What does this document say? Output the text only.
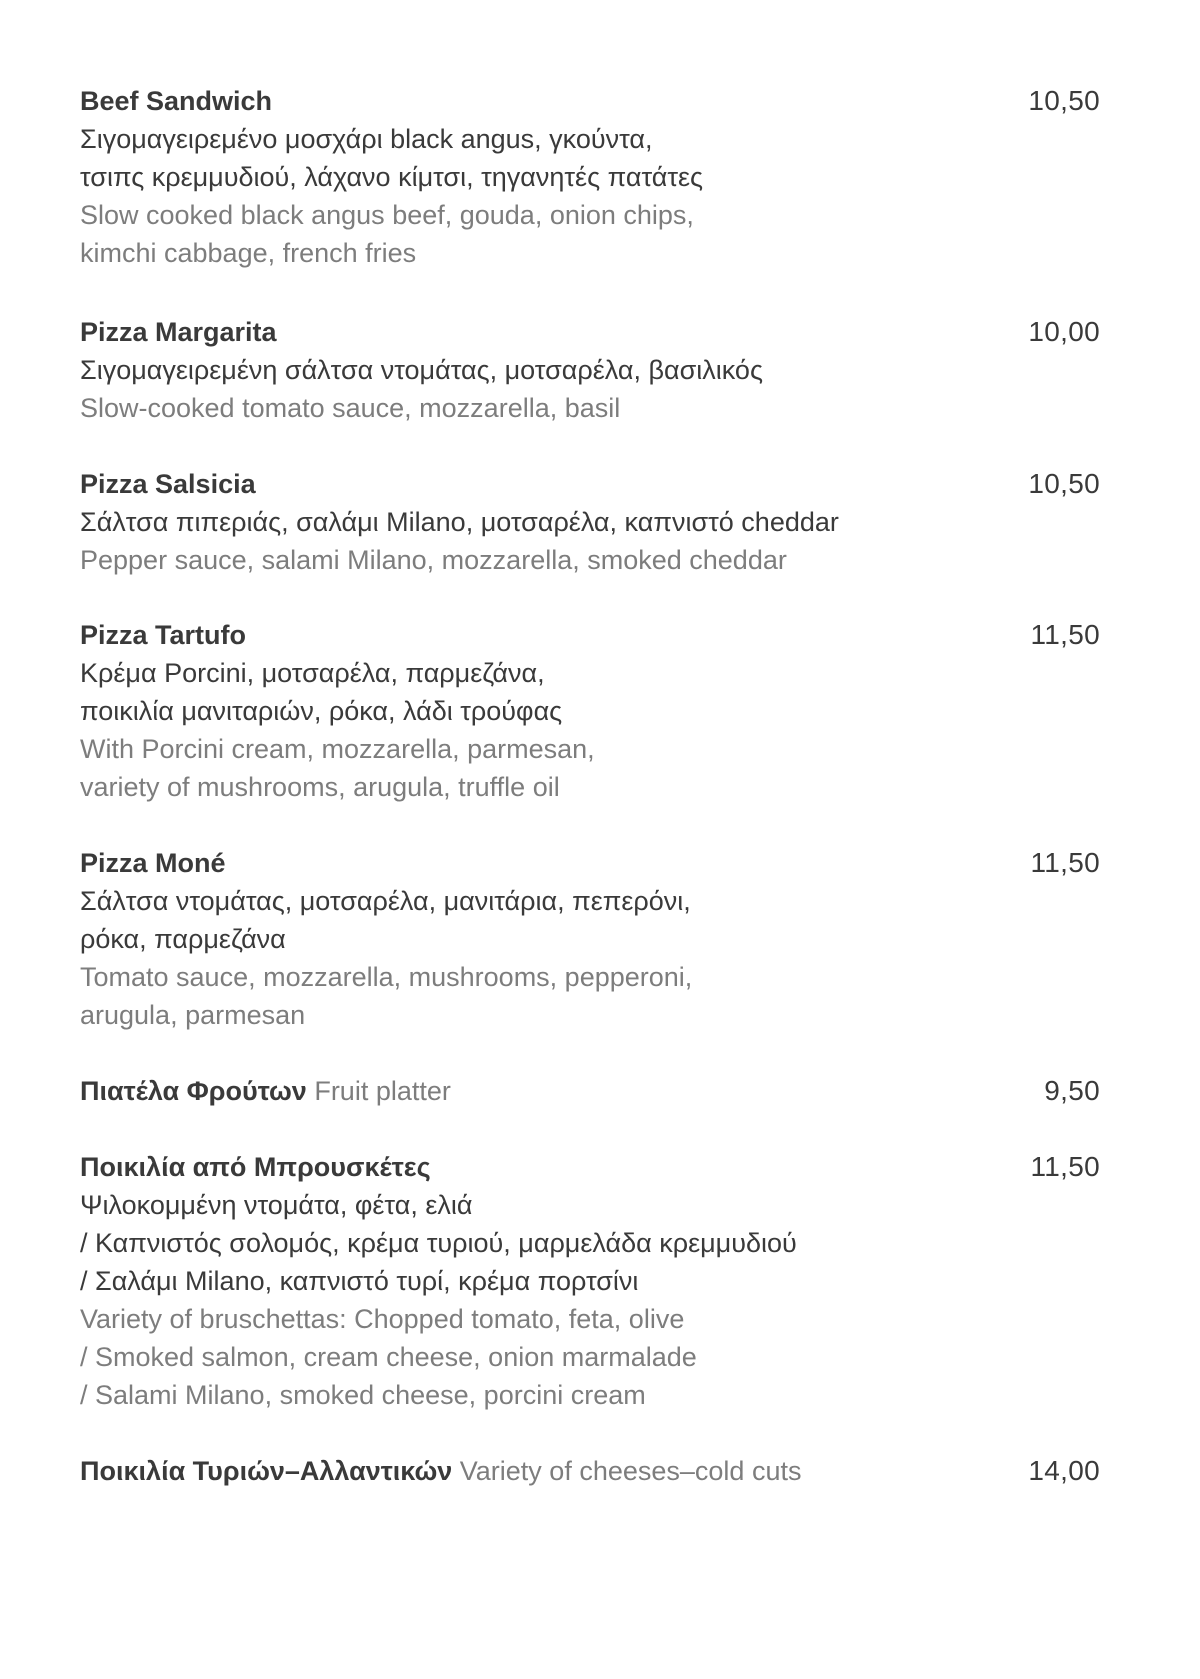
Beef Sandwich	10,50
Σιγομαγειρεμένο μοσχάρι black angus, γκούντα,
τσιπς κρεμμυδιού, λάχανο κίμτσι, τηγανητές πατάτες
Slow cooked black angus beef, gouda, onion chips,
kimchi cabbage, french fries
Pizza Margarita	10,00
Σιγομαγειρεμένη σάλτσα ντομάτας, μοτσαρέλα, βασιλικός
Slow-cooked tomato sauce, mozzarella, basil
Pizza Salsicia	10,50
Σάλτσα πιπεριάς, σαλάμι Milano, μοτσαρέλα, καπνιστό cheddar
Pepper sauce, salami Milano, mozzarella, smoked cheddar
Pizza Tartufo	11,50
Κρέμα Porcini, μοτσαρέλα, παρμεζάνα,
ποικιλία μανιταριών, ρόκα, λάδι τρούφας
With Porcini cream, mozzarella, parmesan,
variety of mushrooms, arugula, truffle oil
Pizza Moné	11,50
Σάλτσα ντομάτας, μοτσαρέλα, μανιτάρια, πεπερόνι,
ρόκα, παρμεζάνα
Tomato sauce, mozzarella, mushrooms, pepperoni,
arugula, parmesan
Πιατέλα Φρούτων Fruit platter	9,50
Ποικιλία από Μπρουσκέτες	11,50
Ψιλοκομμένη ντομάτα, φέτα, ελιά
/ Καπνιστός σολομός, κρέμα τυριού, μαρμελάδα κρεμμυδιού
/ Σαλάμι Milano, καπνιστό τυρί, κρέμα πορτσίνι
Variety of bruschettas: Chopped tomato, feta, olive
/ Smoked salmon, cream cheese, onion marmalade
/ Salami Milano, smoked cheese, porcini cream
Ποικιλία Τυριών–Αλλαντικών Variety of cheeses–cold cuts	14,00
